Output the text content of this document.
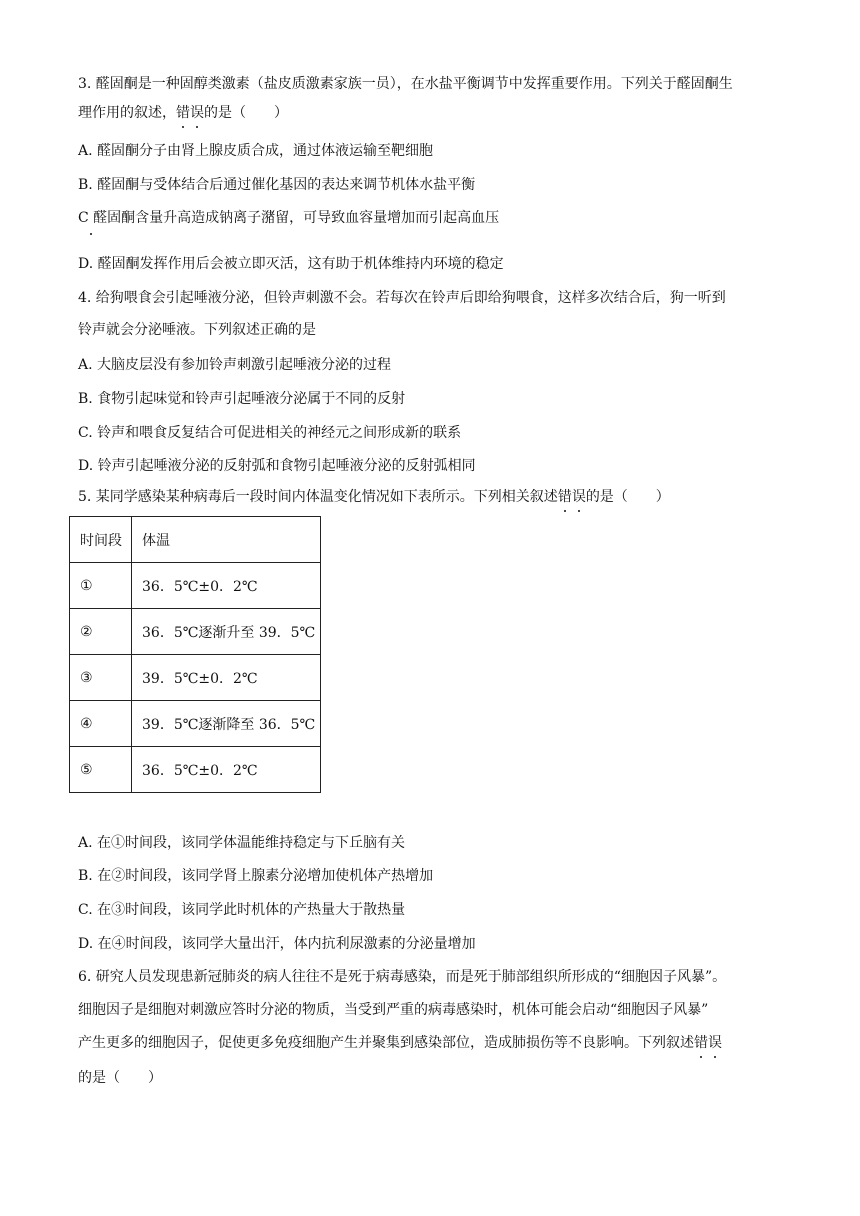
3. 醛固酮是一种固醇类激素（盐皮质激素家族一员），在水盐平衡调节中发挥重要作用。下列关于醛固酮生
理作用的叙述，错误的是（　　）
A. 醛固酮分子由肾上腺皮质合成，通过体液运输至靶细胞
B. 醛固酮与受体结合后通过催化基因的表达来调节机体水盐平衡
C 醛固酮含量升高造成钠离子潴留，可导致血容量增加而引起高血压
D. 醛固酮发挥作用后会被立即灭活，这有助于机体维持内环境的稳定
4. 给狗喂食会引起唾液分泌，但铃声刺激不会。若每次在铃声后即给狗喂食，这样多次结合后，狗一听到
铃声就会分泌唾液。下列叙述正确的是
A. 大脑皮层没有参加铃声刺激引起唾液分泌的过程
B. 食物引起味觉和铃声引起唾液分泌属于不同的反射
C. 铃声和喂食反复结合可促进相关的神经元之间形成新的联系
D. 铃声引起唾液分泌的反射弧和食物引起唾液分泌的反射弧相同
5. 某同学感染某种病毒后一段时间内体温变化情况如下表所示。下列相关叙述错误的是（　　）
时间段	体温
①	36．5℃±0．2℃
②	36．5℃逐渐升至 39．5℃
③	39．5℃±0．2℃
④	39．5℃逐渐降至 36．5℃
⑤	36．5℃±0．2℃
A. 在①时间段，该同学体温能维持稳定与下丘脑有关
B. 在②时间段，该同学肾上腺素分泌增加使机体产热增加
C. 在③时间段，该同学此时机体的产热量大于散热量
D. 在④时间段，该同学大量出汗，体内抗利尿激素的分泌量增加
6. 研究人员发现患新冠肺炎的病人往往不是死于病毒感染，而是死于肺部组织所形成的“细胞因子风暴”。
细胞因子是细胞对刺激应答时分泌的物质，当受到严重的病毒感染时，机体可能会启动“细胞因子风暴”
产生更多的细胞因子，促使更多免疫细胞产生并聚集到感染部位，造成肺损伤等不良影响。下列叙述错误
的是（　　）
